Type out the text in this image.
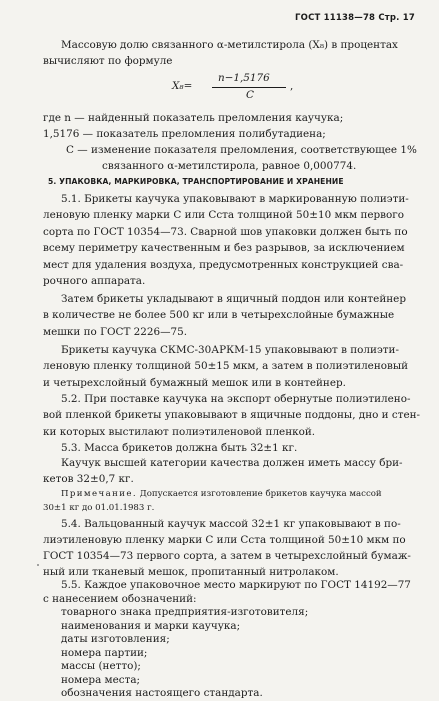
ГОСТ 11138—78 Стр. 17
Массовую долю связанного α-метилстирола (X₈) в процентах
вычисляют по формуле
X₈=
n−1,5176
C
,
где n — найденный показатель преломления каучука;
1,5176 — показатель преломления полибутадиена;
C — изменение показателя преломления, соответствующее 1%
связанного α-метилстирола, равное 0,000774.
5. УПАКОВКА, МАРКИРОВКА, ТРАНСПОРТИРОВАНИЕ И ХРАНЕНИЕ
5.1. Брикеты каучука упаковывают в маркированную полиэти-
леновую пленку марки С или Сста толщиной 50±10 мкм первого
сорта по ГОСТ 10354—73. Сварной шов упаковки должен быть по
всему периметру качественным и без разрывов, за исключением
мест для удаления воздуха, предусмотренных конструкцией сва-
рочного аппарата.
Затем брикеты укладывают в ящичный поддон или контейнер
в количестве не более 500 кг или в четырехслойные бумажные
мешки по ГОСТ 2226—75.
Брикеты каучука СКМС-30АРКМ-15 упаковывают в полиэти-
леновую пленку толщиной 50±15 мкм, а затем в полиэтиленовый
и четырехслойный бумажный мешок или в контейнер.
5.2. При поставке каучука на экспорт обернутые полиэтилено-
вой пленкой брикеты упаковывают в ящичные поддоны, дно и стен-
ки которых выстилают полиэтиленовой пленкой.
5.3. Масса брикетов должна быть 32±1 кг.
Каучук высшей категории качества должен иметь массу бри-
кетов 32±0,7 кг.
Примечание. Допускается изготовление брикетов каучука массой
30±1 кг до 01.01.1983 г.
5.4. Вальцованный каучук массой 32±1 кг упаковывают в по-
лиэтиленовую пленку марки С или Сста толщиной 50±10 мкм по
ГОСТ 10354—73 первого сорта, а затем в четырехслойный бумаж-
ный или тканевый мешок, пропитанный нитролаком.
5.5. Каждое упаковочное место маркируют по ГОСТ 14192—77
с нанесением обозначений:
товарного знака предприятия-изготовителя;
наименования и марки каучука;
даты изготовления;
номера партии;
массы (нетто);
номера места;
обозначения настоящего стандарта.
